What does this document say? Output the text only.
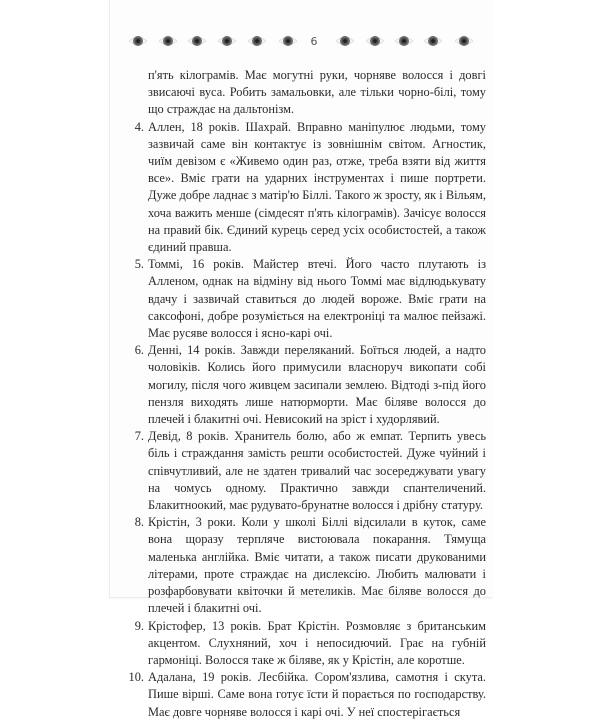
6
п'ять кілограмів. Має могутні руки, чорняве волосся і довгі звисаючі вуса. Робить замальовки, але тільки чорно-білі, тому що страждає на дальтонізм.
4. Аллен, 18 років. Шахрай. Вправно маніпулює людьми, тому зазвичай саме він контактує із зовнішнім світом. Агностик, чиїм девізом є «Живемо один раз, отже, треба взяти від життя все». Вміє грати на ударних інструментах і пише портрети. Дуже добре ладнає з матір'ю Біллі. Такого ж зросту, як і Вільям, хоча важить менше (сімдесят п'ять кілограмів). Зачісує волосся на правий бік. Єдиний курець серед усіх особистостей, а також єдиний правша.
5. Томмі, 16 років. Майстер втечі. Його часто плутають із Алленом, однак на відміну від нього Томмі має відлюдькувату вдачу і зазвичай ставиться до людей вороже. Вміє грати на саксофоні, добре розуміється на електроніці та малює пейзажі. Має русяве волосся і ясно-карі очі.
6. Денні, 14 років. Завжди переляканий. Боїться людей, а надто чоловіків. Колись його примусили власноруч викопати собі могилу, після чого живцем засипали землею. Відтоді з-під його пензля виходять лише натюрморти. Має біляве волосся до плечей і блакитні очі. Невисокий на зріст і худорлявий.
7. Девід, 8 років. Хранитель болю, або ж емпат. Терпить увесь біль і страждання замість решти особистостей. Дуже чуйний і співчутливий, але не здатен тривалий час зосереджувати увагу на чомусь одному. Практично завжди спантеличений. Блакитноокий, має рудувато-брунатне волосся і дрібну статуру.
8. Крістін, 3 роки. Коли у школі Біллі відсилали в куток, саме вона щоразу терпляче вистоювала покарання. Тямуща маленька англійка. Вміє читати, а також писати друкованими літерами, проте страждає на дислексію. Любить малювати і розфарбовувати квіточки й метеликів. Має біляве волосся до плечей і блакитні очі.
9. Крістофер, 13 років. Брат Крістін. Розмовляє з британським акцентом. Слухняний, хоч і непосидючий. Грає на губній гармоніці. Волосся таке ж біляве, як у Крістін, але коротше.
10. Адалана, 19 років. Лесбійка. Сором'язлива, самотня і скута. Пише вірші. Саме вона готує їсти й порається по господарству. Має довге чорняве волосся і карі очі. У неї спостерігається
